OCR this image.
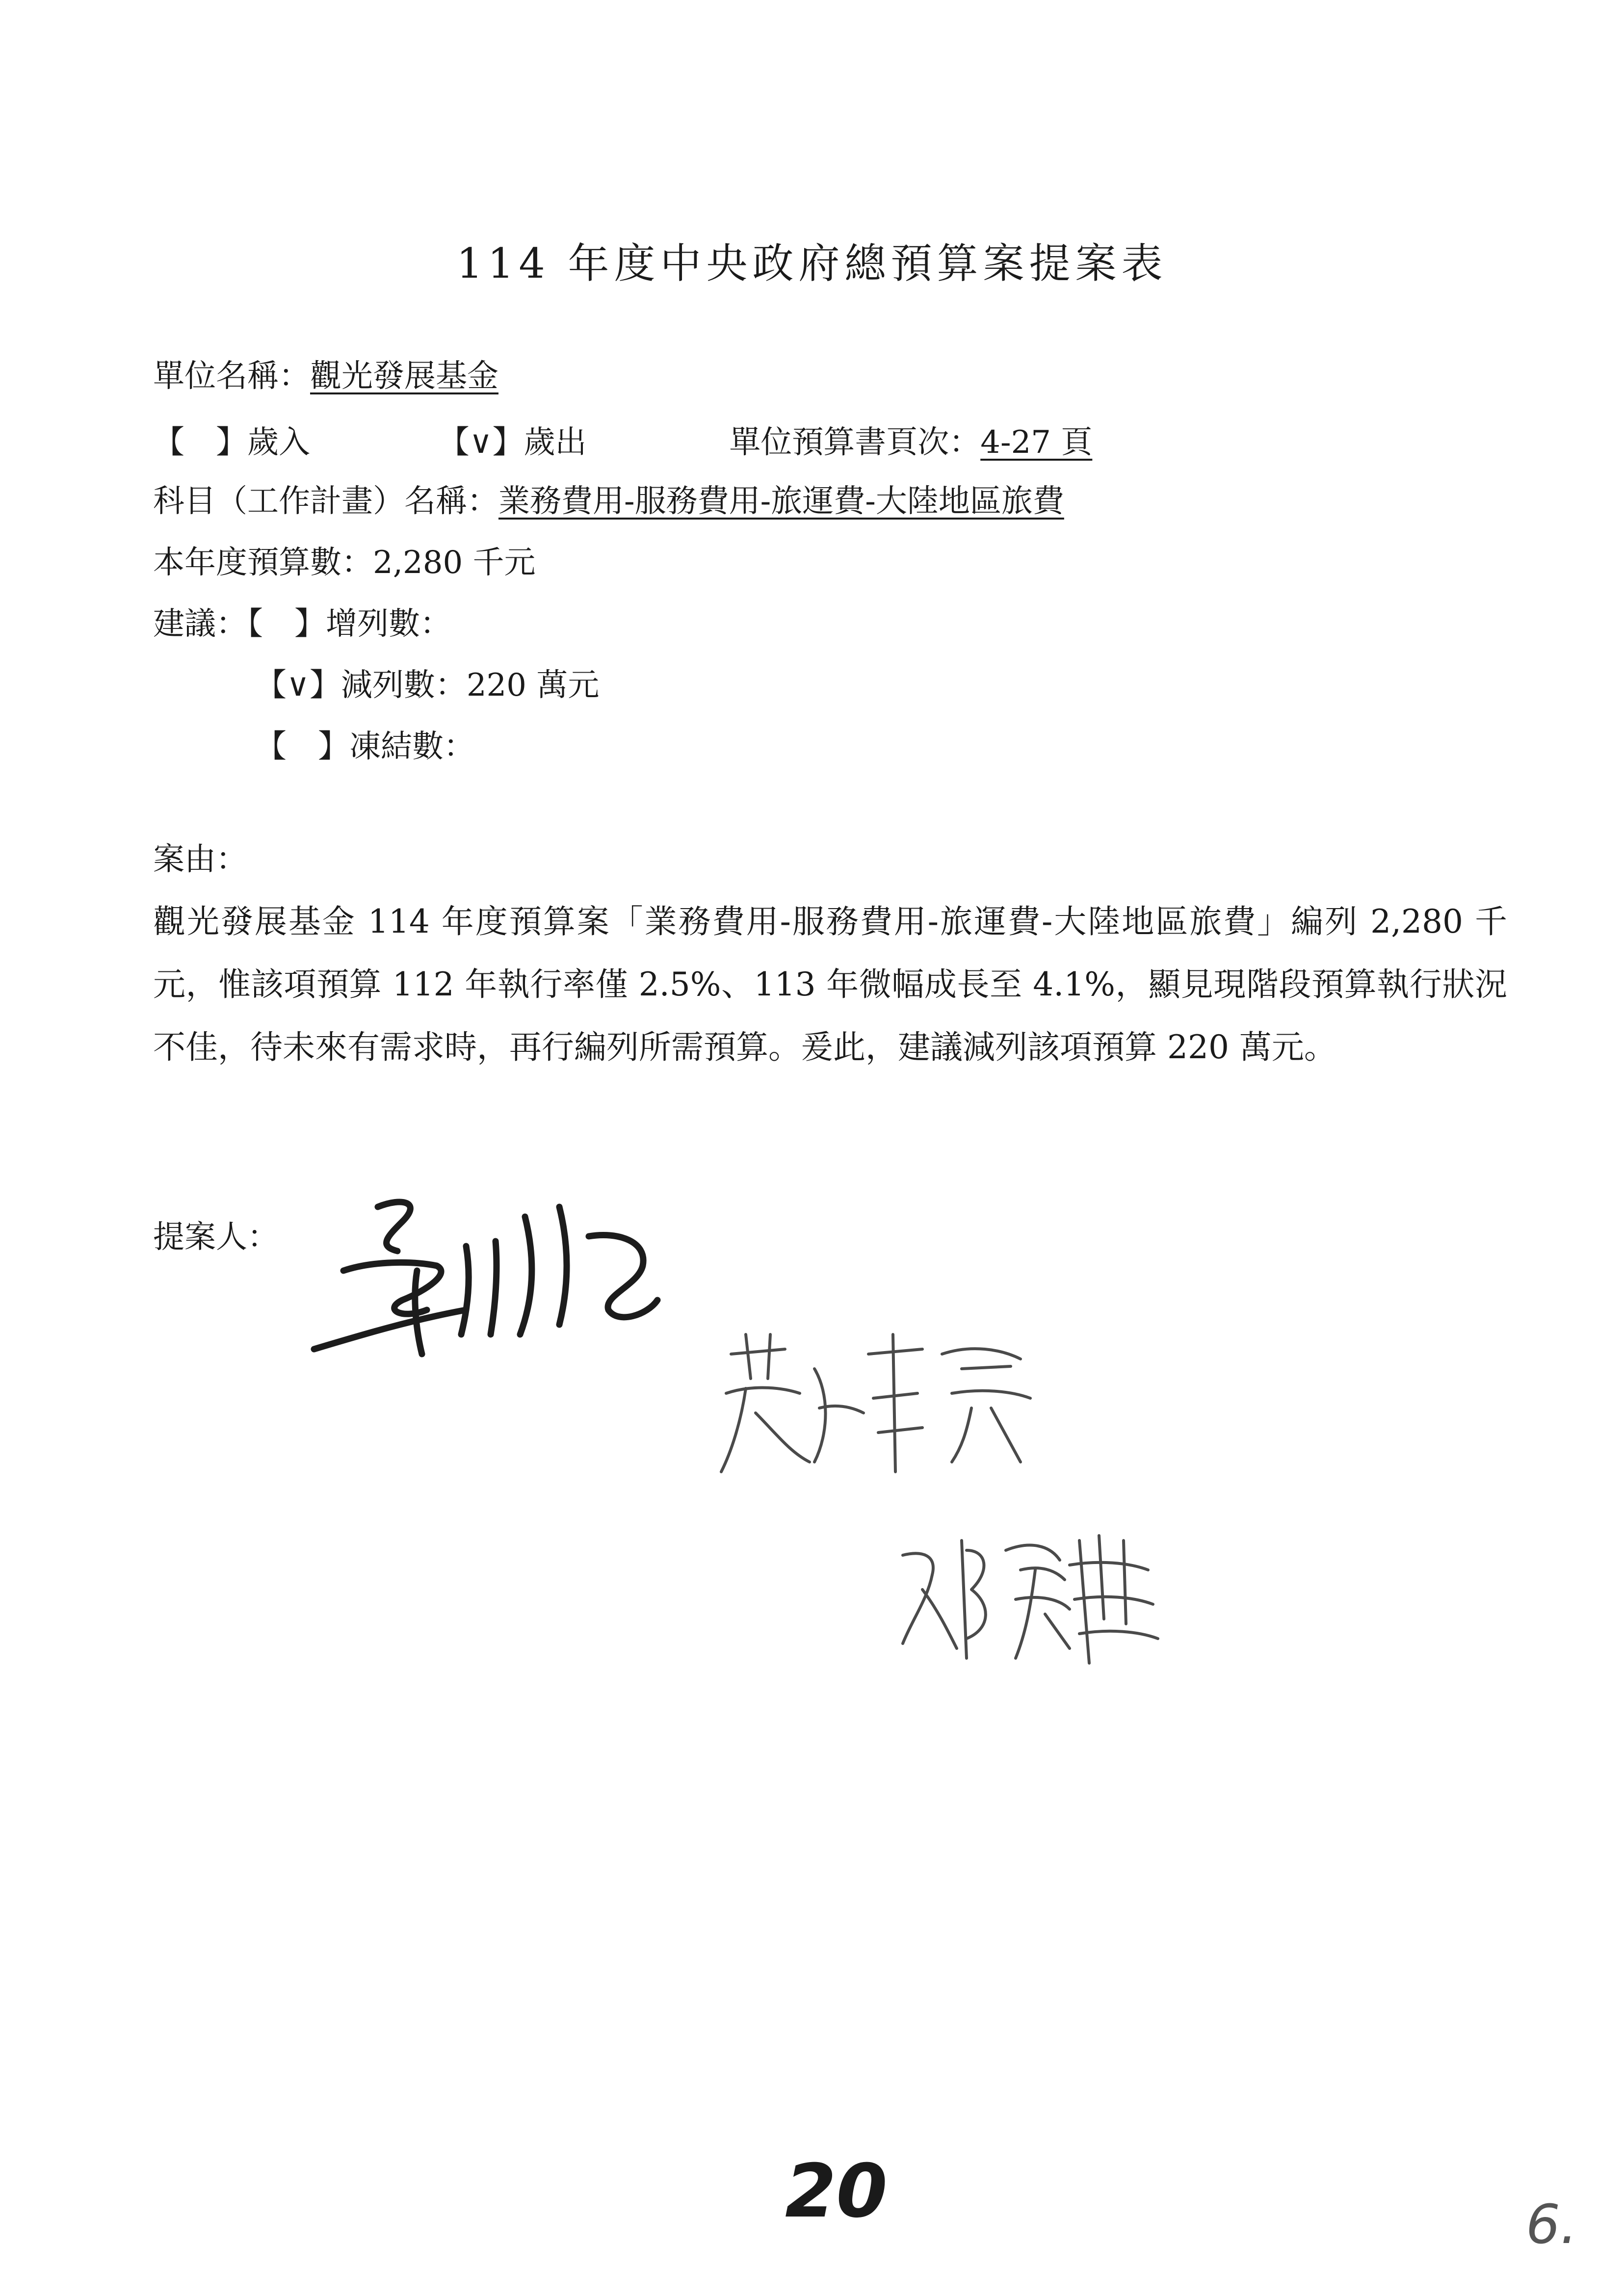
114 年度中央政府總預算案提案表
單位名稱：觀光發展基金
【　】歲入	【∨】歲出	單位預算書頁次：4-27 頁
科目（工作計畫）名稱：業務費用-服務費用-旅運費-大陸地區旅費
本年度預算數：2,280 千元
建議：【　】增列數：
【∨】減列數：220 萬元
【　】凍結數：
案由：
觀光發展基金 114 年度預算案「業務費用-服務費用-旅運費-大陸地區旅費」編列 2,280 千元，惟該項預算 112 年執行率僅 2.5%、113 年微幅成長至 4.1%，顯見現階段預算執行狀況不佳，待未來有需求時，再行編列所需預算。爰此，建議減列該項預算 220 萬元。
提案人：
20	6.
